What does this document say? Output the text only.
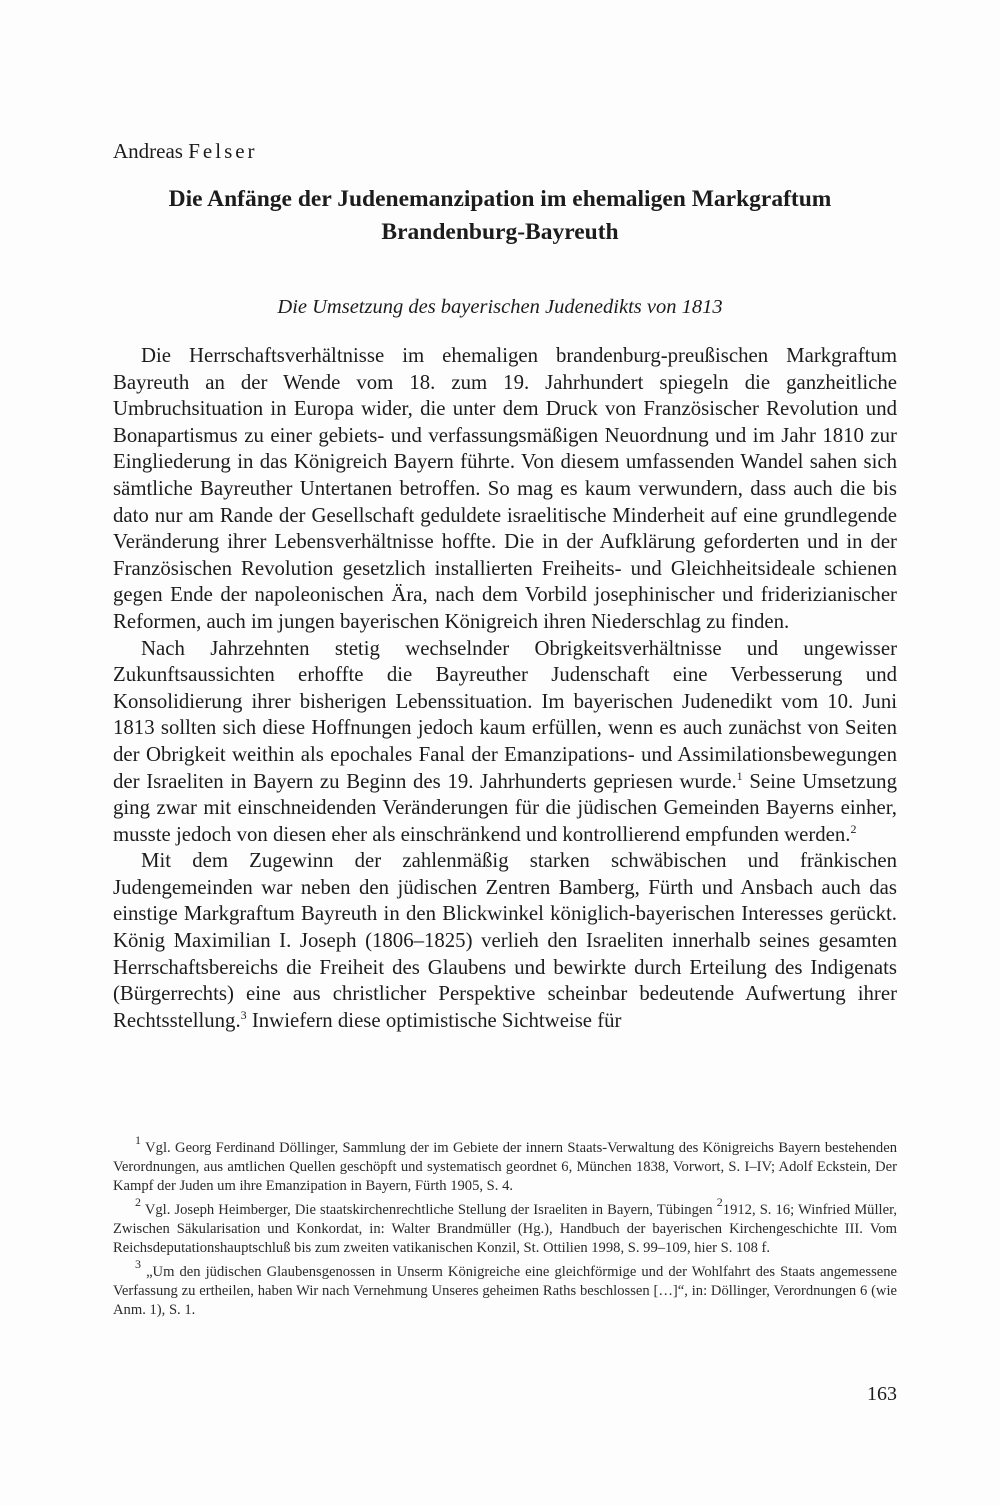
Andreas Felser

Die Anfänge der Judenemanzipation im ehemaligen Markgraftum
Brandenburg-Bayreuth

Die Umsetzung des bayerischen Judenedikts von 1813

Die Herrschaftsverhältnisse im ehemaligen brandenburg-preußischen Markgraftum Bayreuth an der Wende vom 18. zum 19. Jahrhundert spiegeln die ganzheitliche Umbruchsituation in Europa wider, die unter dem Druck von Französischer Revolution und Bonapartismus zu einer gebiets- und verfassungsmäßigen Neuordnung und im Jahr 1810 zur Eingliederung in das Königreich Bayern führte. Von diesem umfassenden Wandel sahen sich sämtliche Bayreuther Untertanen betroffen. So mag es kaum verwundern, dass auch die bis dato nur am Rande der Gesellschaft geduldete israelitische Minderheit auf eine grundlegende Veränderung ihrer Lebensverhältnisse hoffte. Die in der Aufklärung geforderten und in der Französischen Revolution gesetzlich installierten Freiheits- und Gleichheitsideale schienen gegen Ende der napoleonischen Ära, nach dem Vorbild josephinischer und friderizianischer Reformen, auch im jungen bayerischen Königreich ihren Niederschlag zu finden.

Nach Jahrzehnten stetig wechselnder Obrigkeitsverhältnisse und ungewisser Zukunftsaussichten erhoffte die Bayreuther Judenschaft eine Verbesserung und Konsolidierung ihrer bisherigen Lebenssituation. Im bayerischen Judenedikt vom 10. Juni 1813 sollten sich diese Hoffnungen jedoch kaum erfüllen, wenn es auch zunächst von Seiten der Obrigkeit weithin als epochales Fanal der Emanzipations- und Assimilationsbewegungen der Israeliten in Bayern zu Beginn des 19. Jahrhunderts gepriesen wurde.$^1$ Seine Umsetzung ging zwar mit einschneidenden Veränderungen für die jüdischen Gemeinden Bayerns einher, musste jedoch von diesen eher als einschränkend und kontrollierend empfunden werden.$^2$

Mit dem Zugewinn der zahlenmäßig starken schwäbischen und fränkischen Judengemeinden war neben den jüdischen Zentren Bamberg, Fürth und Ansbach auch das einstige Markgraftum Bayreuth in den Blickwinkel königlich-bayerischen Interesses gerückt. König Maximilian I. Joseph (1806–1825) verlieh den Israeliten innerhalb seines gesamten Herrschaftsbereichs die Freiheit des Glaubens und bewirkte durch Erteilung des Indigenats (Bürgerrechts) eine aus christlicher Perspektive scheinbar bedeutende Aufwertung ihrer Rechtsstellung.$^3$ Inwiefern diese optimistische Sichtweise für

$^1$ Vgl. Georg Ferdinand Döllinger, Sammlung der im Gebiete der innern Staats-Verwaltung des Königreichs Bayern bestehenden Verordnungen, aus amtlichen Quellen geschöpft und systematisch geordnet 6, München 1838, Vorwort, S. I–IV; Adolf Eckstein, Der Kampf der Juden um ihre Emanzipation in Bayern, Fürth 1905, S. 4.

$^2$ Vgl. Joseph Heimberger, Die staatskirchenrechtliche Stellung der Israeliten in Bayern, Tübingen $^2$1912, S. 16; Winfried Müller, Zwischen Säkularisation und Konkordat, in: Walter Brandmüller (Hg.), Handbuch der bayerischen Kirchengeschichte III. Vom Reichsdeputationshauptschluß bis zum zweiten vatikanischen Konzil, St. Ottilien 1998, S. 99–109, hier S. 108 f.

$^3$ „Um den jüdischen Glaubensgenossen in Unserm Königreiche eine gleichförmige und der Wohlfahrt des Staats angemessene Verfassung zu ertheilen, haben Wir nach Vernehmung Unseres geheimen Raths beschlossen […]“, in: Döllinger, Verordnungen 6 (wie Anm. 1), S. 1.

163
